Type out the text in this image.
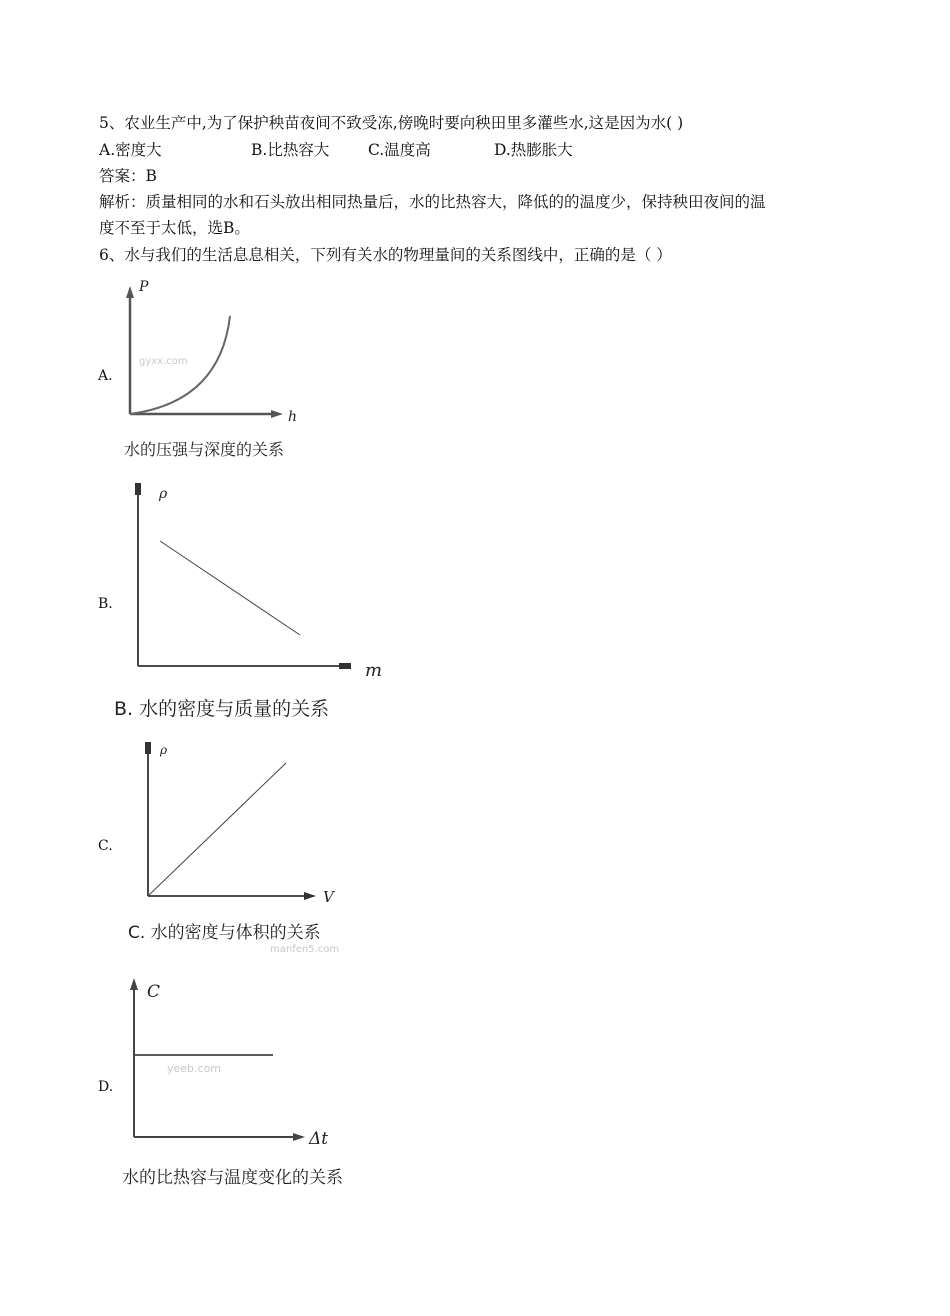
5、农业生产中,为了保护秧苗夜间不致受冻,傍晚时要向秧田里多灌些水,这是因为水( )
A.密度大	B.比热容大 C.温度高	D.热膨胀大
答案：B
解析：质量相同的水和石头放出相同热量后，水的比热容大，降低的的温度少，保持秧田夜间的温
度不至于太低，选B。
6、水与我们的生活息息相关，下列有关水的物理量间的关系图线中，正确的是（ ）
A.
P
h
gyxx.com
水的压强与深度的关系
B.
ρ
m
B. 水的密度与质量的关系
C.
ρ
V
C. 水的密度与体积的关系
manfen5.com
D.
C
Δt
yeeb.com
水的比热容与温度变化的关系
